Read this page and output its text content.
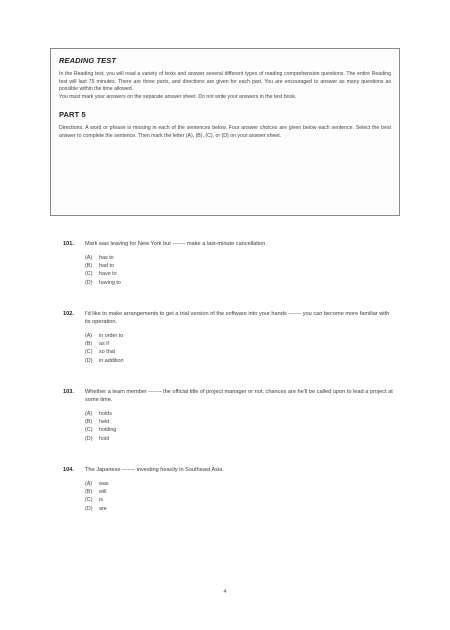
READING TEST

In the Reading test, you will read a variety of texts and answer several different types of reading comprehension questions. The entire Reading test will last 75 minutes. There are three parts, and directions are given for each part. You are encouraged to answer as many questions as possible within the time allowed.

You must mark your answers on the separate answer sheet. Do not write your answers in the test book.

PART 5

Directions: A word or phrase is missing in each of the sentences below. Four answer choices are given below each sentence. Select the best answer to complete the sentence. Then mark the letter (A), (B), (C), or (D) on your answer sheet.

101.	Mark was leaving for New York but ------- make a last-minute cancellation.
(A)	has to
(B)	had to
(C)	have to
(D)	having to
102.	I'd like to make arrangements to get a trial version of the software into your hands ------- you can become more familiar with its operation.
(A)	in order to
(B)	as if
(C)	so that
(D)	in addition
103.	Whether a team member ------- the official title of project manager or not, chances are he'll be called upon to lead a project at some time.
(A)	holds
(B)	held
(C)	holding
(D)	hold
104.	The Japanese ------- investing heavily in Southeast Asia.
(A)	was
(B)	will
(C)	is
(D)	are
4
